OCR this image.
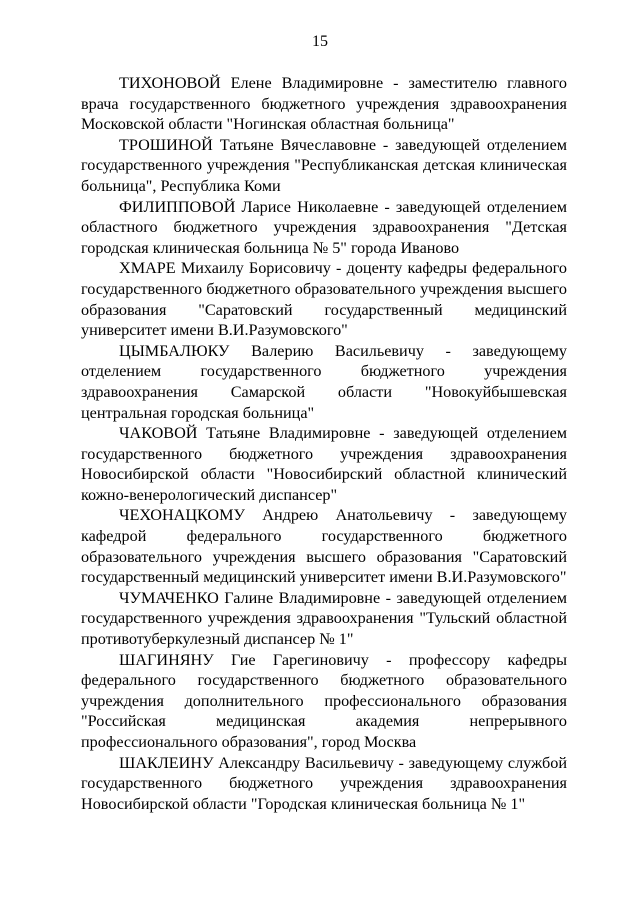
15

ТИХОНОВОЙ Елене Владимировне - заместителю главного врача государственного бюджетного учреждения здравоохранения Московской области "Ногинская областная больница"

ТРОШИНОЙ Татьяне Вячеславовне - заведующей отделением государственного учреждения "Республиканская детская клиническая больница", Республика Коми

ФИЛИППОВОЙ Ларисе Николаевне - заведующей отделением областного бюджетного учреждения здравоохранения "Детская городская клиническая больница № 5" города Иваново

ХМАРЕ Михаилу Борисовичу - доценту кафедры федерального государственного бюджетного образовательного учреждения высшего образования "Саратовский государственный медицинский университет имени В.И.Разумовского"

ЦЫМБАЛЮКУ Валерию Васильевичу - заведующему отделением государственного бюджетного учреждения здравоохранения Самарской области "Новокуйбышевская центральная городская больница"

ЧАКОВОЙ Татьяне Владимировне - заведующей отделением государственного бюджетного учреждения здравоохранения Новосибирской области "Новосибирский областной клинический кожно-венерологический диспансер"

ЧЕХОНАЦКОМУ Андрею Анатольевичу - заведующему кафедрой федерального государственного бюджетного образовательного учреждения высшего образования "Саратовский государственный медицинский университет имени В.И.Разумовского"

ЧУМАЧЕНКО Галине Владимировне - заведующей отделением государственного учреждения здравоохранения "Тульский областной противотуберкулезный диспансер № 1"

ШАГИНЯНУ Гие Гарегиновичу - профессору кафедры федерального государственного бюджетного образовательного учреждения дополнительного профессионального образования "Российская медицинская академия непрерывного профессионального образования", город Москва

ШАКЛЕИНУ Александру Васильевичу - заведующему службой государственного бюджетного учреждения здравоохранения Новосибирской области "Городская клиническая больница № 1"
